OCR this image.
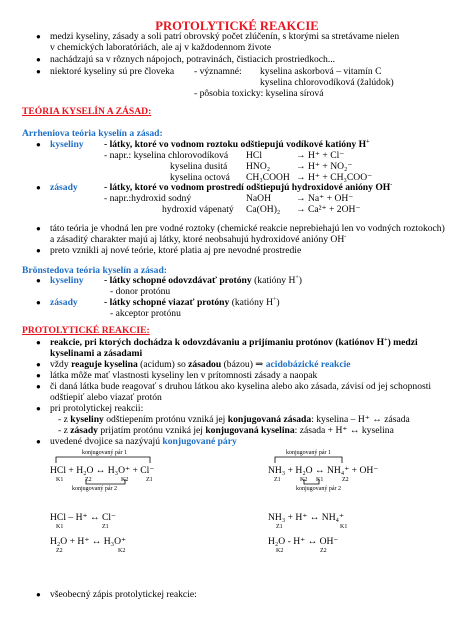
PROTOLYTICKÉ REAKCIE
● medzi kyseliny, zásady a soli patrí obrovský počet zlúčenín, s ktorými sa stretávame nielen
v chemických laboratóriách, ale aj v každodennom živote
● nachádzajú sa v rôznych nápojoch, potravinách, čistiacich prostriedkoch...
● niektoré kyseliny sú pre človeka - významné: kyselina askorbová – vitamín C
kyselina chlorovodíková (žalúdok)
- pôsobia toxicky: kyselina sírová
TEÓRIA KYSELÍN A ZÁSAD:
Arrheniova teória kyselín a zásad:
● kyseliny - látky, ktoré vo vodnom roztoku odštiepujú vodíkové katióny H+
- napr.: kyselina chlorovodíková HCl	→ H⁺ + Cl⁻
kyselina dusitá HNO₂	→ H⁺ + NO₂⁻
kyselina octová CH₃COOH → H⁺ + CH₃COO⁻
● zásady	- látky, ktoré vo vodnom prostredí odštiepujú hydroxidové anióny OH-
- napr.:hydroxid sodný	NaOH	→ Na⁺ + OH⁻
hydroxid vápenatý Ca(OH)₂ → Ca²⁺ + 2OH⁻
● táto teória je vhodná len pre vodné roztoky (chemické reakcie neprebiehajú len vo vodných roztokoch)
a zásaditý charakter majú aj látky, ktoré neobsahujú hydroxidové anióny OH-
● preto vznikli aj nové teórie, ktoré platia aj pre nevodné prostredie
Brönstedova teória kyselín a zásad:
● kyseliny - látky schopné odovzdávať protóny (katióny H+)
- donor protónu
● zásady	- látky schopné viazať protóny (katióny H+)
- akceptor protónu
PROTOLYTICKÉ REAKCIE:
● reakcie, pri ktorých dochádza k odovzdávaniu a prijímaniu protónov (katiónov H+) medzi
kyselinami a zásadami
● vždy reaguje kyselina (acidum) so zásadou (bázou) ⇒ acidobázické reakcie
● látka môže mať vlastnosti kyseliny len v prítomnosti zásady a naopak
● či daná látka bude reagovať s druhou látkou ako kyselina alebo ako zásada, závisí od jej schopnosti
odštiepiť alebo viazať protón
● pri protolytickej reakcii:
- z kyseliny odštiepením protónu vzniká jej konjugovaná zásada: kyselina – H⁺ ↔ zásada
- z zásady prijatím protónu vzniká jej konjugovaná kyselina: zásada + H⁺ ↔ kyselina
● uvedené dvojice sa nazývajú konjugované páry
konjugovaný pár 1
konjugovaný pár 2
konjugovaný pár 1
konjugovaný pár 2
HCl + H₂O ↔ H₃O⁺ + Cl⁻
K1	Z2	K2	Z1
NH₃ + H₂O ↔ NH₄⁺ + OH⁻
Z1	K2 K1	Z2
HCl – H⁺ ↔ Cl⁻
K1	Z1
NH₃ + H⁺ ↔ NH₄⁺
Z1	K1
H₂O + H⁺ ↔ H₃O⁺
Z2	K2
H₂O - H⁺ ↔ OH⁻
K2	Z2
● všeobecný zápis protolytickej reakcie:
